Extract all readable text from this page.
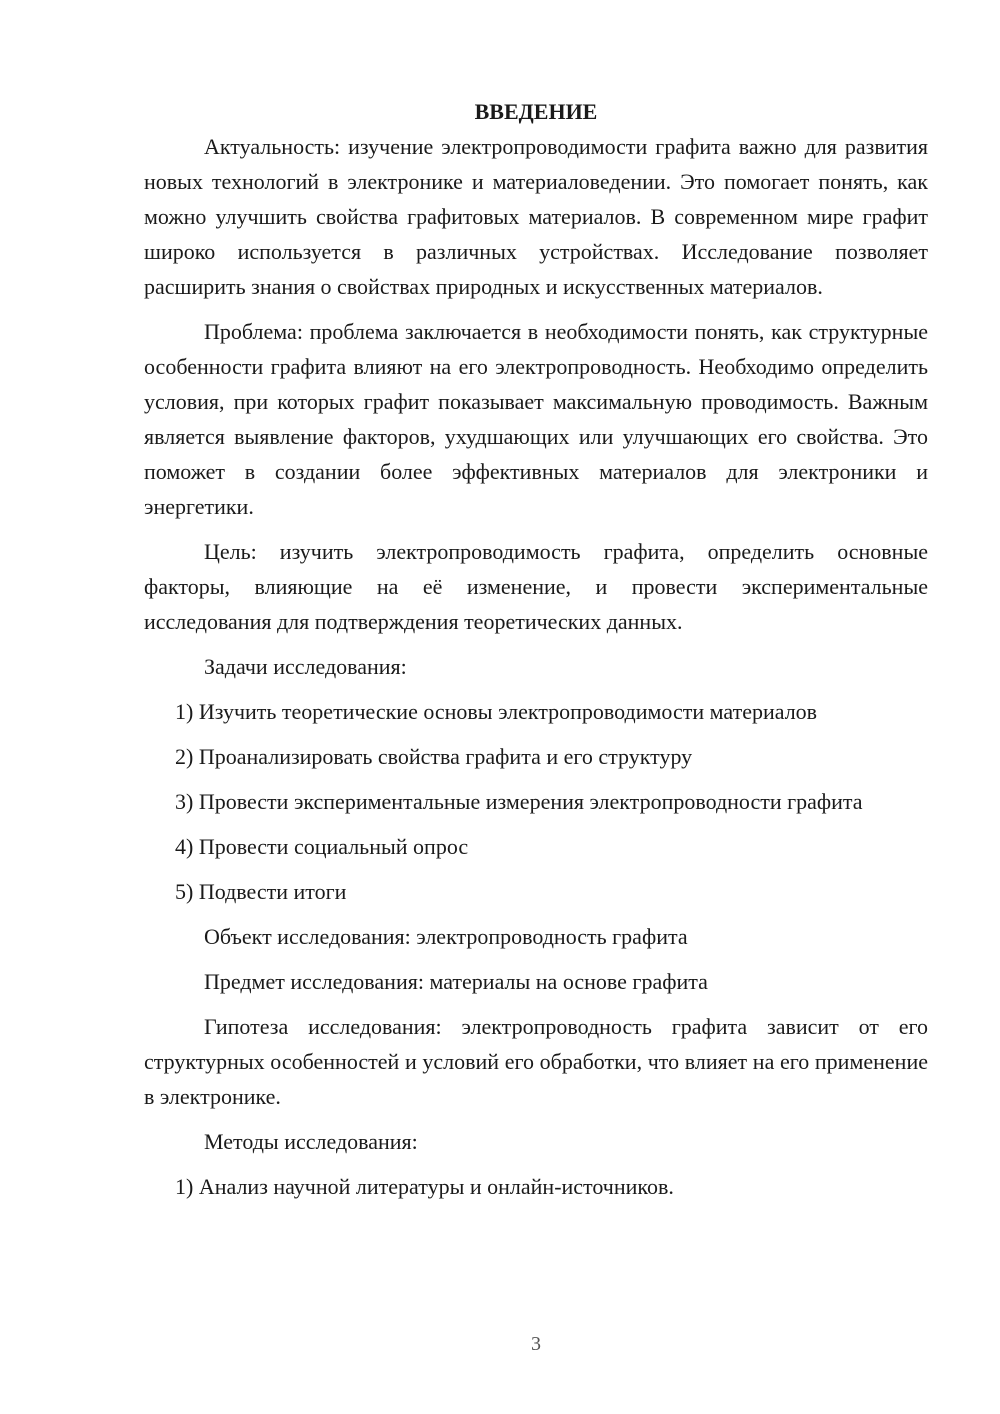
ВВЕДЕНИЕ

Актуальность: изучение электропроводимости графита важно для развития новых технологий в электронике и материаловедении. Это помогает понять, как можно улучшить свойства графитовых материалов. В современном мире графит широко используется в различных устройствах. Исследование позволяет расширить знания о свойствах природных и искусственных материалов.

Проблема: проблема заключается в необходимости понять, как структурные особенности графита влияют на его электропроводность. Необходимо определить условия, при которых графит показывает максимальную проводимость. Важным является выявление факторов, ухудшающих или улучшающих его свойства. Это поможет в создании более эффективных материалов для электроники и энергетики.

Цель: изучить электропроводимость графита, определить основные факторы, влияющие на её изменение, и провести экспериментальные исследования для подтверждения теоретических данных.

Задачи исследования:

1) Изучить теоретические основы электропроводимости материалов

2) Проанализировать свойства графита и его структуру

3) Провести экспериментальные измерения электропроводности графита

4) Провести социальный опрос

5) Подвести итоги

Объект исследования: электропроводность графита

Предмет исследования: материалы на основе графита

Гипотеза исследования: электропроводность графита зависит от его структурных особенностей и условий его обработки, что влияет на его применение в электронике.

Методы исследования:

1) Анализ научной литературы и онлайн-источников.

3
